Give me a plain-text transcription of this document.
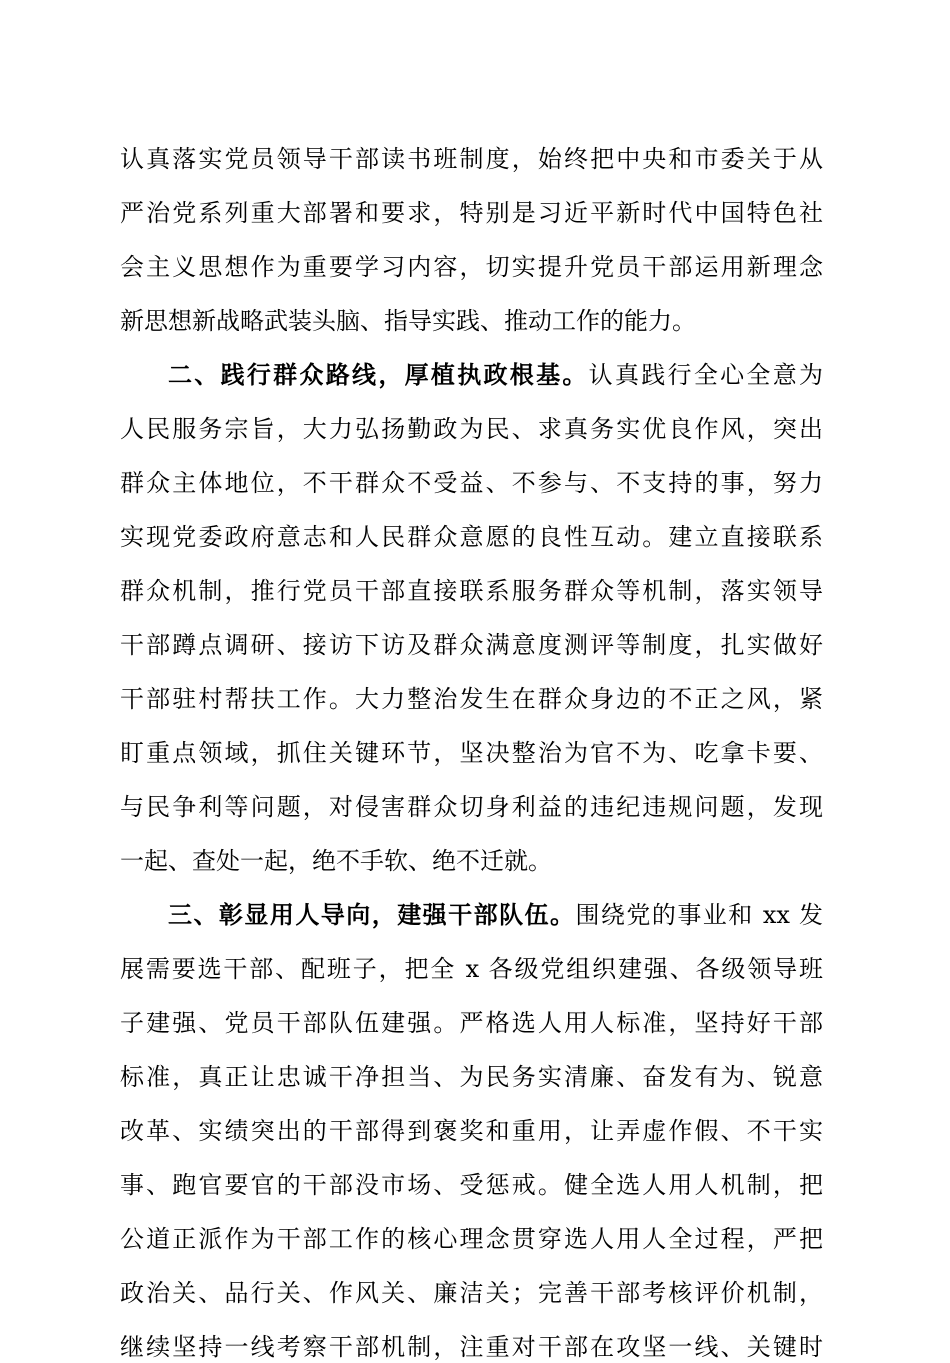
认真落实党员领导干部读书班制度，始终把中央和市委关于从
严治党系列重大部署和要求，特别是习近平新时代中国特色社
会主义思想作为重要学习内容，切实提升党员干部运用新理念
新思想新战略武装头脑、指导实践、推动工作的能力。
二、践行群众路线，厚植执政根基。认真践行全心全意为
人民服务宗旨，大力弘扬勤政为民、求真务实优良作风，突出
群众主体地位，不干群众不受益、不参与、不支持的事，努力
实现党委政府意志和人民群众意愿的良性互动。建立直接联系
群众机制，推行党员干部直接联系服务群众等机制，落实领导
干部蹲点调研、接访下访及群众满意度测评等制度，扎实做好
干部驻村帮扶工作。大力整治发生在群众身边的不正之风，紧
盯重点领域，抓住关键环节，坚决整治为官不为、吃拿卡要、
与民争利等问题，对侵害群众切身利益的违纪违规问题，发现
一起、查处一起，绝不手软、绝不迁就。
三、彰显用人导向，建强干部队伍。围绕党的事业和 xx 发
展需要选干部、配班子，把全 x 各级党组织建强、各级领导班
子建强、党员干部队伍建强。严格选人用人标准，坚持好干部
标准，真正让忠诚干净担当、为民务实清廉、奋发有为、锐意
改革、实绩突出的干部得到褒奖和重用，让弄虚作假、不干实
事、跑官要官的干部没市场、受惩戒。健全选人用人机制，把
公道正派作为干部工作的核心理念贯穿选人用人全过程，严把
政治关、品行关、作风关、廉洁关；完善干部考核评价机制，
继续坚持一线考察干部机制，注重对干部在攻坚一线、关键时
